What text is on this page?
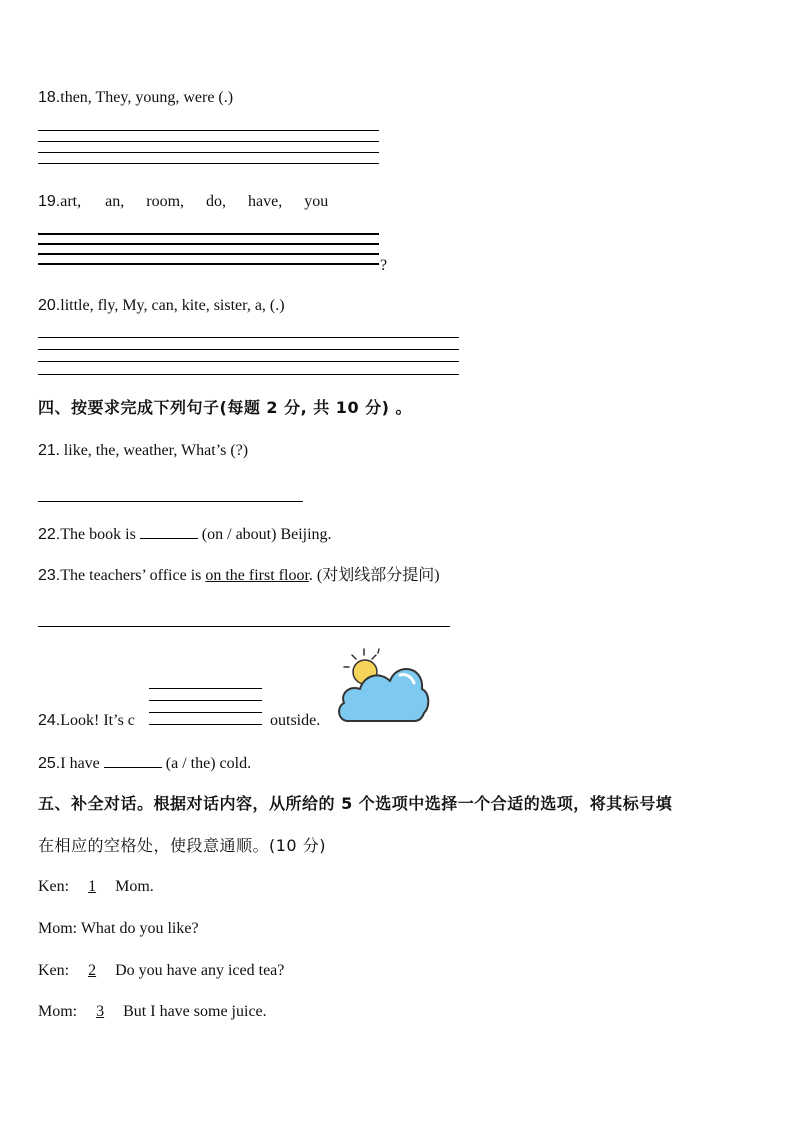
18.then, They, young, were (.)
19.art, an, room, do, have, you
?
20.little, fly, My, can, kite, sister, a, (.)
四、按要求完成下列句子(每题 2 分, 共 10 分) 。
21. like, the, weather, What’s (?)
22.The book is	(on / about) Beijing.
23.The teachers’ office is on the first floor. (对划线部分提问)
24.Look! It’s c	outside.
25.I have	(a / the) cold.
五、补全对话。根据对话内容，从所给的 5 个选项中选择一个合适的选项，将其标号填
在相应的空格处，使段意通顺。(10 分)
Ken: 1 Mom.
Mom: What do you like?
Ken: 2 Do you have any iced tea?
Mom: 3 But I have some juice.
